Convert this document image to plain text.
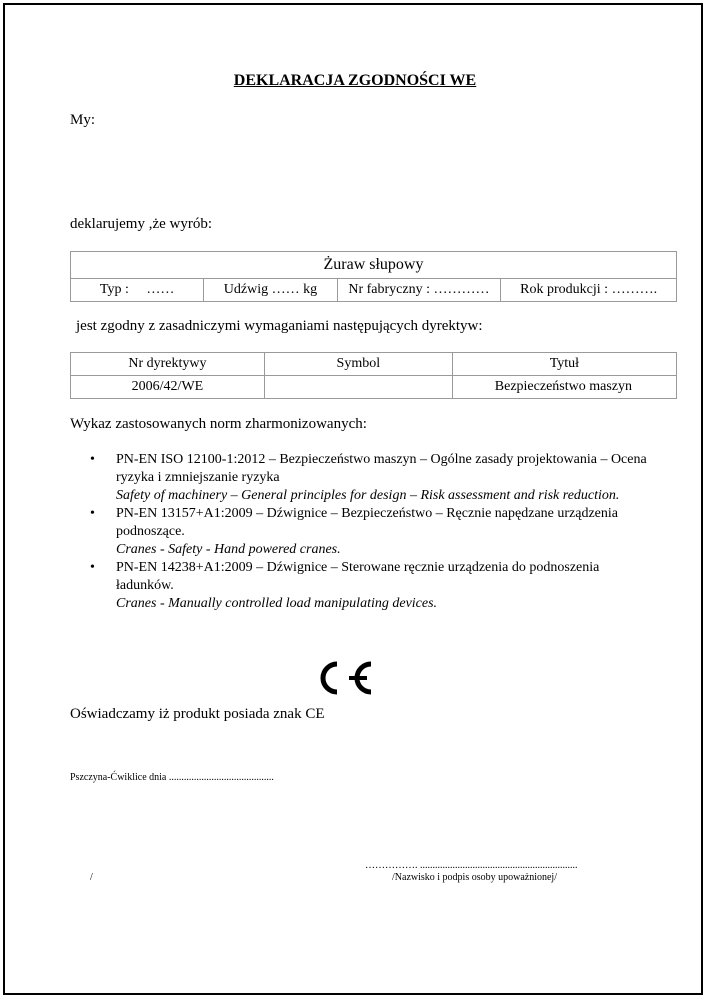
DEKLARACJA ZGODNOŚCI WE
My:
deklarujemy ,że wyrób:
Żuraw słupowy
Typ : ……	Udźwig …… kg	Nr fabryczny : …………	Rok produkcji : ……….
jest zgodny z zasadniczymi wymaganiami następujących dyrektyw:
Nr dyrektywy	Symbol	Tytuł
2006/42/WE		Bezpieczeństwo maszyn
Wykaz zastosowanych norm zharmonizowanych:
• PN-EN ISO 12100-1:2012 – Bezpieczeństwo maszyn – Ogólne zasady projektowania – Ocena ryzyka i zmniejszanie ryzyka
Safety of machinery – General principles for design – Risk assessment and risk reduction.
• PN-EN 13157+A1:2009 – Dźwignice – Bezpieczeństwo – Ręcznie napędzane urządzenia podnoszące.
Cranes - Safety - Hand powered cranes.
• PN-EN 14238+A1:2009 – Dźwignice – Sterowane ręcznie urządzenia do podnoszenia ładunków.
Cranes - Manually controlled load manipulating devices.
Oświadczamy iż produkt posiada znak CE
Pszczyna-Ćwiklice dnia ..........................................
……………. ...............................................................
/	/Nazwisko i podpis osoby upoważnionej/
